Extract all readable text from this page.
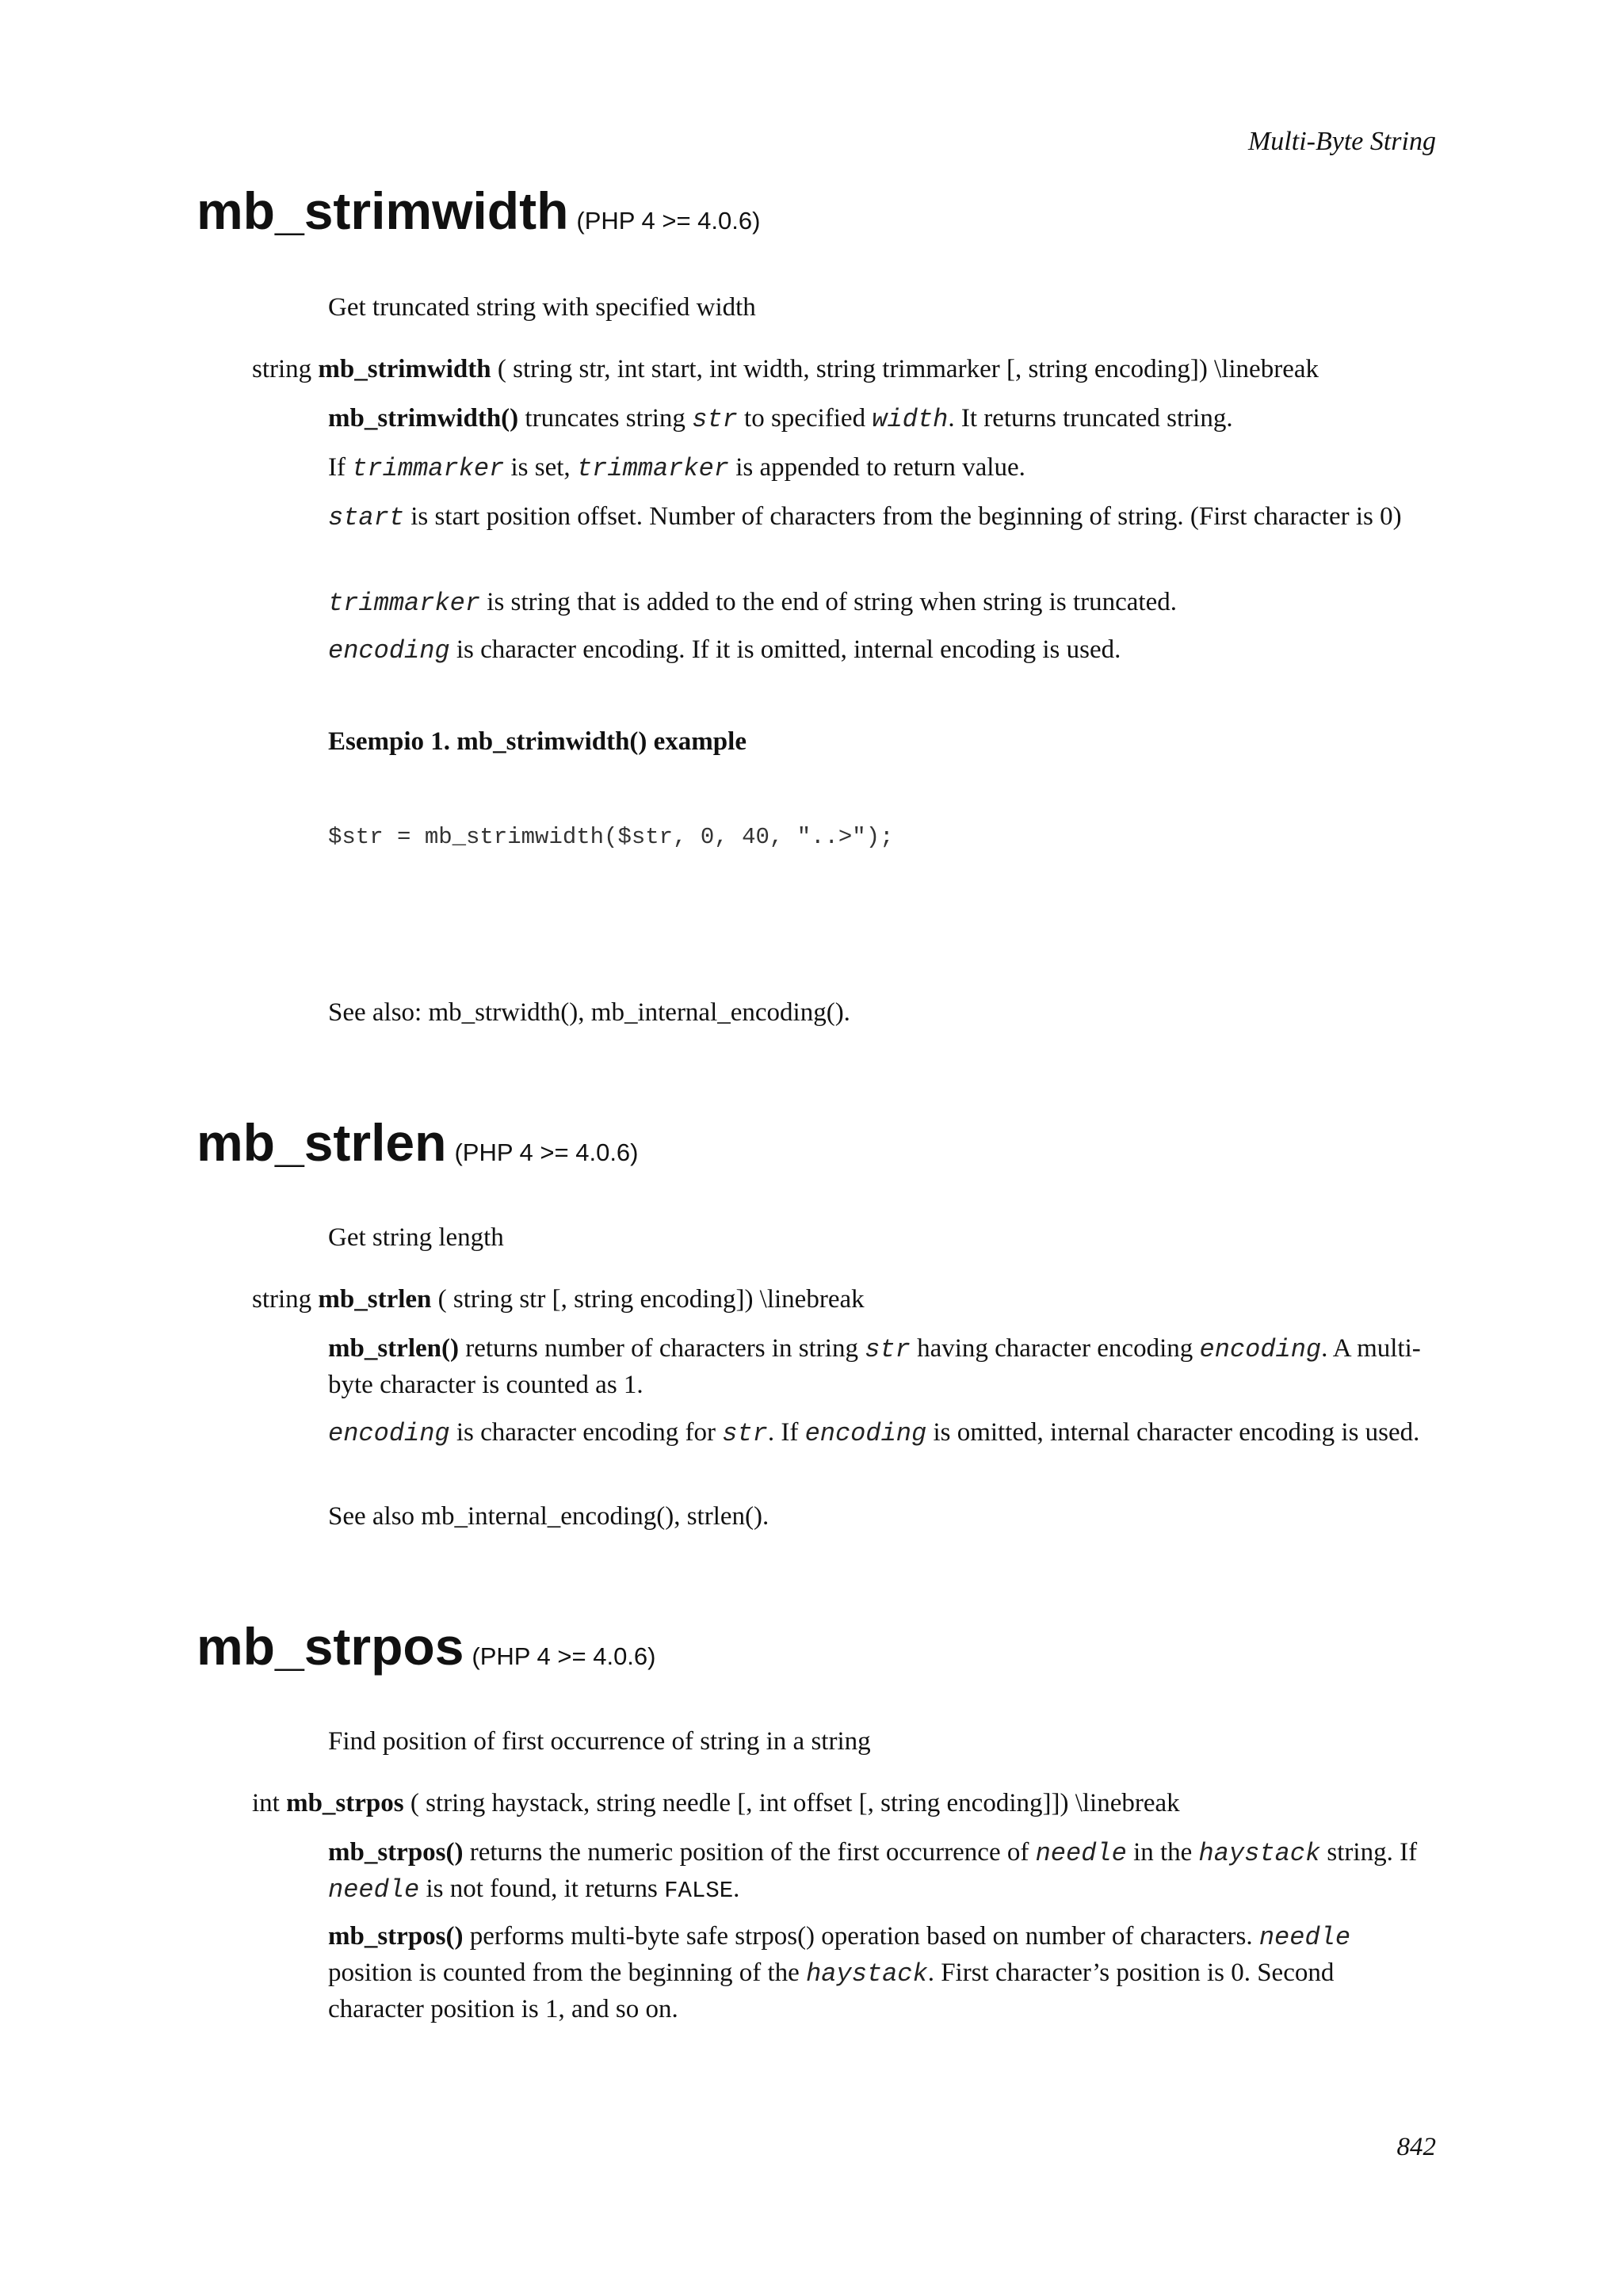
Multi-Byte String
mb_strimwidth (PHP 4 >= 4.0.6)
Get truncated string with specified width
string mb_strimwidth ( string str, int start, int width, string trimmarker [, string encoding]) \linebreak
mb_strimwidth() truncates string str to specified width. It returns truncated string.
If trimmarker is set, trimmarker is appended to return value.
start is start position offset. Number of characters from the beginning of string. (First character is 0)
trimmarker is string that is added to the end of string when string is truncated.
encoding is character encoding. If it is omitted, internal encoding is used.
Esempio 1. mb_strimwidth() example
$str = mb_strimwidth($str, 0, 40, "..>");
See also: mb_strwidth(), mb_internal_encoding().
mb_strlen (PHP 4 >= 4.0.6)
Get string length
string mb_strlen ( string str [, string encoding]) \linebreak
mb_strlen() returns number of characters in string str having character encoding encoding. A multi-byte character is counted as 1.
encoding is character encoding for str. If encoding is omitted, internal character encoding is used.
See also mb_internal_encoding(), strlen().
mb_strpos (PHP 4 >= 4.0.6)
Find position of first occurrence of string in a string
int mb_strpos ( string haystack, string needle [, int offset [, string encoding]]) \linebreak
mb_strpos() returns the numeric position of the first occurrence of needle in the haystack string. If needle is not found, it returns FALSE.
mb_strpos() performs multi-byte safe strpos() operation based on number of characters. needle position is counted from the beginning of the haystack. First character’s position is 0. Second character position is 1, and so on.
842
